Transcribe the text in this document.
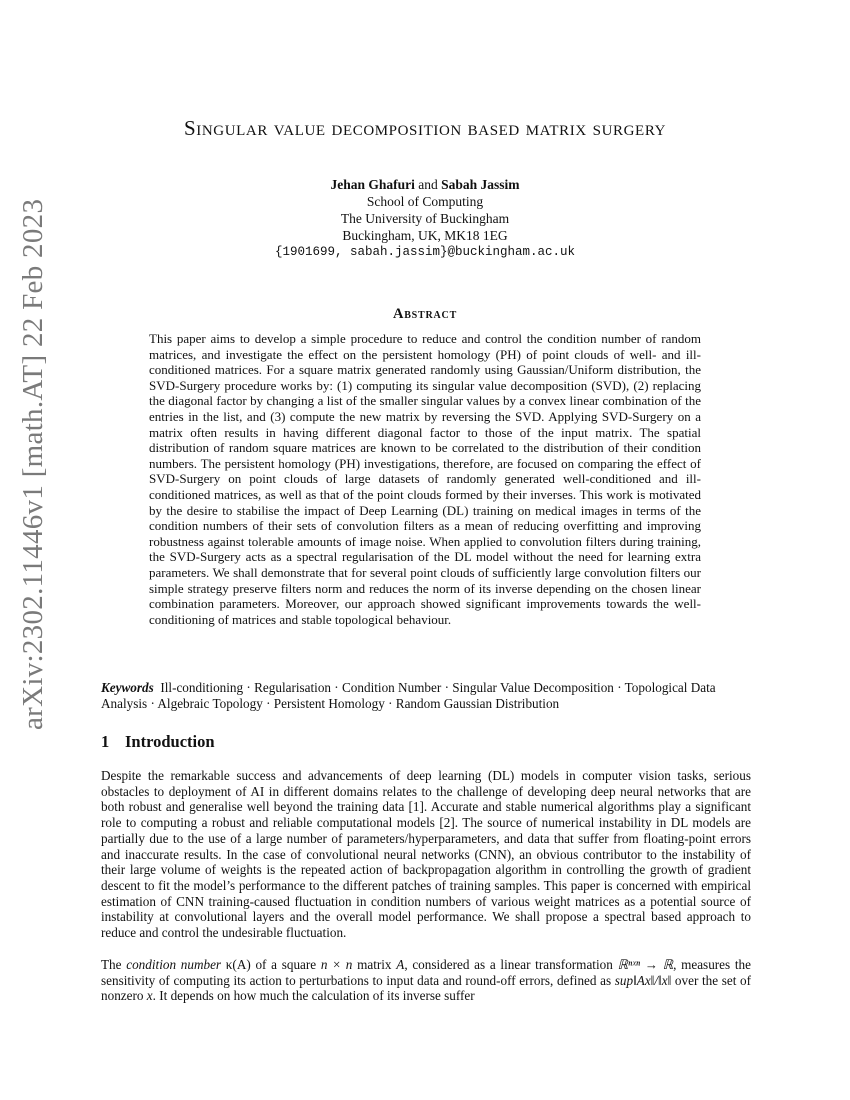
arXiv:2302.11446v1 [math.AT] 22 Feb 2023
Singular value decomposition based matrix surgery
Jehan Ghafuri and Sabah Jassim
School of Computing
The University of Buckingham
Buckingham, UK, MK18 1EG
{1901699, sabah.jassim}@buckingham.ac.uk
Abstract

This paper aims to develop a simple procedure to reduce and control the condition number of random matrices, and investigate the effect on the persistent homology (PH) of point clouds of well- and ill-conditioned matrices. For a square matrix generated randomly using Gaussian/Uniform distribution, the SVD-Surgery procedure works by: (1) computing its singular value decomposition (SVD), (2) replacing the diagonal factor by changing a list of the smaller singular values by a convex linear combination of the entries in the list, and (3) compute the new matrix by reversing the SVD. Applying SVD-Surgery on a matrix often results in having different diagonal factor to those of the input matrix. The spatial distribution of random square matrices are known to be correlated to the distribution of their condition numbers. The persistent homology (PH) investigations, therefore, are focused on comparing the effect of SVD-Surgery on point clouds of large datasets of randomly generated well-conditioned and ill-conditioned matrices, as well as that of the point clouds formed by their inverses. This work is motivated by the desire to stabilise the impact of Deep Learning (DL) training on medical images in terms of the condition numbers of their sets of convolution filters as a mean of reducing overfitting and improving robustness against tolerable amounts of image noise. When applied to convolution filters during training, the SVD-Surgery acts as a spectral regularisation of the DL model without the need for learning extra parameters. We shall demonstrate that for several point clouds of sufficiently large convolution filters our simple strategy preserve filters norm and reduces the norm of its inverse depending on the chosen linear combination parameters. Moreover, our approach showed significant improvements towards the well-conditioning of matrices and stable topological behaviour.

Keywords Ill-conditioning · Regularisation · Condition Number · Singular Value Decomposition · Topological Data Analysis · Algebraic Topology · Persistent Homology · Random Gaussian Distribution

1 Introduction

Despite the remarkable success and advancements of deep learning (DL) models in computer vision tasks, serious obstacles to deployment of AI in different domains relates to the challenge of developing deep neural networks that are both robust and generalise well beyond the training data [1]. Accurate and stable numerical algorithms play a significant role to computing a robust and reliable computational models [2]. The source of numerical instability in DL models are partially due to the use of a large number of parameters/hyperparameters, and data that suffer from floating-point errors and inaccurate results. In the case of convolutional neural networks (CNN), an obvious contributor to the instability of their large volume of weights is the repeated action of backpropagation algorithm in controlling the growth of gradient descent to fit the model’s performance to the different patches of training samples. This paper is concerned with empirical estimation of CNN training-caused fluctuation in condition numbers of various weight matrices as a potential source of instability at convolutional layers and the overall model performance. We shall propose a spectral based approach to reduce and control the undesirable fluctuation.

The condition number κ(A) of a square n × n matrix A, considered as a linear transformation ℝⁿˣⁿ → ℝ, measures the sensitivity of computing its action to perturbations to input data and round-off errors, defined as sup‖Ax‖/‖x‖ over the set of nonzero x. It depends on how much the calculation of its inverse suffer
